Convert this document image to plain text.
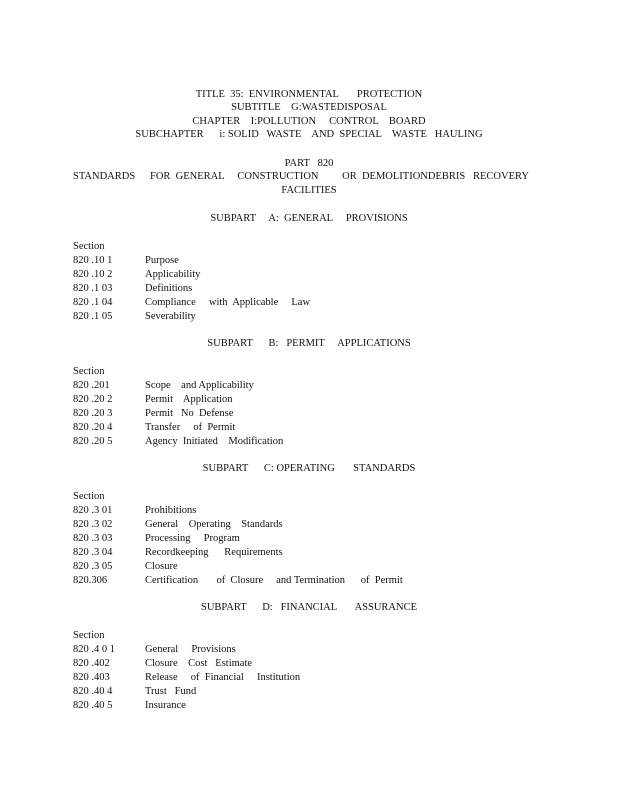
TITLE  35:  ENVIRONMENTAL       PROTECTION
SUBTITLE    G:WASTEDISPOSAL
CHAPTER    I:POLLUTION     CONTROL    BOARD
SUBCHAPTER      i: SOLID   WASTE    AND  SPECIAL    WASTE   HAULING
PART   820
STANDARDS FOR  GENERAL     CONSTRUCTION         OR  DEMOLITIONDEBRIS RECOVERY
FACILITIES
SUBPART     A:  GENERAL     PROVISIONS
Section
820 .10 1	Purpose
820 .10 2	Applicability
820 .1 03	Definitions
820 .1 04	Compliance     with  Applicable     Law
820 .1 05	Severability
SUBPART      B:   PERMIT     APPLICATIONS
Section
820 .201	Scope    and Applicability
820 .20 2	Permit    Application
820 .20 3	Permit   No  Defense
820 .20 4	Transfer     of  Permit
820 .20 5	Agency  Initiated    Modification
SUBPART      C: OPERATING       STANDARDS
Section
820 .3 01	Prohibitions
820 .3 02	General    Operating    Standards
820 .3 03	Processing     Program
820 .3 04	Recordkeeping      Requirements
820 .3 05	Closure
820.306	Certification       of  Closure     and Termination      of  Permit
SUBPART      D:   FINANCIAL       ASSURANCE
Section
820 .4 0 1	General     Provisions
820 .402	Closure    Cost   Estimate
820 .403	Release     of  Financial     Institution
820 .40 4	Trust   Fund
820 .40 5	Insurance
